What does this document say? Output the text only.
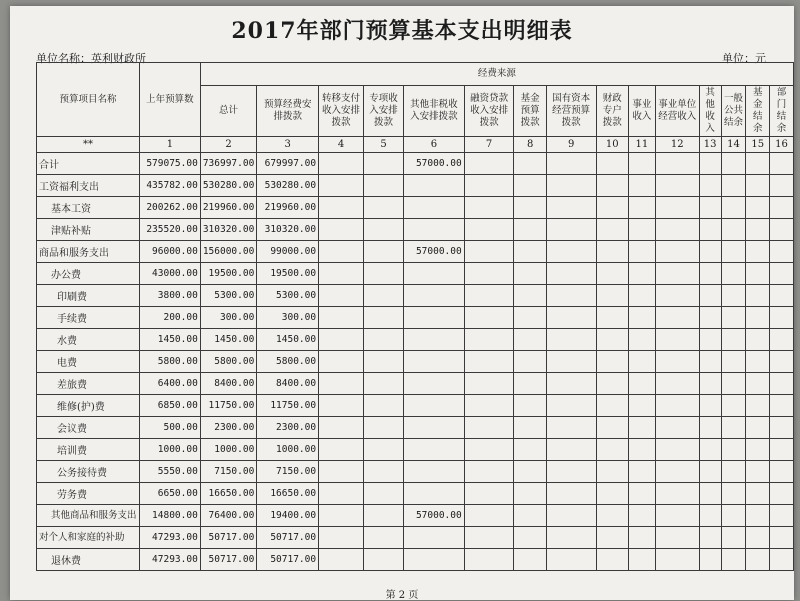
2017年部门预算基本支出明细表
单位名称：英利财政所	单位：元
预算项目名称	上年预算数	经费来源														
		总计	预算经费安排拨款	转移支付收入安排拨款	专项收入安排拨款	其他非税收入安排拨款	融资贷款收入安排拨款	基金预算拨款	国有资本经营预算拨款	财政专户拨款	事业收入	事业单位经营收入	其他收入	一般公共结余	基金结余	部门结余
**	1	2	3	4	5	6	7	8	9	10	11	12	13	14	15	16
合计	579075.00	736997.00	679997.00			57000.00										
工资福利支出	435782.00	530280.00	530280.00													
基本工资	200262.00	219960.00	219960.00													
津贴补贴	235520.00	310320.00	310320.00													
商品和服务支出	96000.00	156000.00	99000.00			57000.00										
办公费	43000.00	19500.00	19500.00													
印刷费	3800.00	5300.00	5300.00													
手续费	200.00	300.00	300.00													
水费	1450.00	1450.00	1450.00													
电费	5800.00	5800.00	5800.00													
差旅费	6400.00	8400.00	8400.00													
维修(护)费	6850.00	11750.00	11750.00													
会议费	500.00	2300.00	2300.00													
培训费	1000.00	1000.00	1000.00													
公务接待费	5550.00	7150.00	7150.00													
劳务费	6650.00	16650.00	16650.00													
其他商品和服务支出	14800.00	76400.00	19400.00			57000.00										
对个人和家庭的补助	47293.00	50717.00	50717.00													
退休费	47293.00	50717.00	50717.00													
第 2 页
